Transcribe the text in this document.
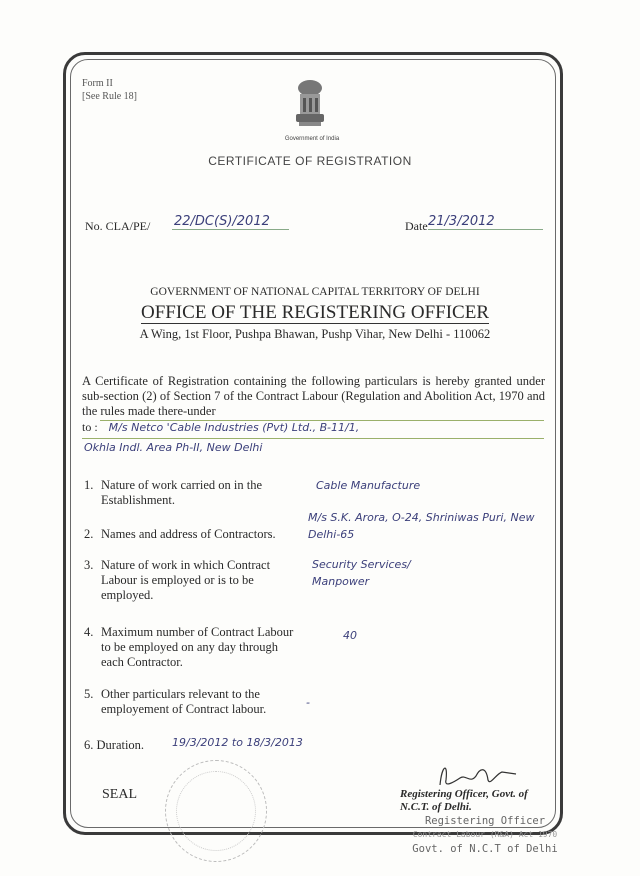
Form II
[See Rule 18]
Government of India
CERTIFICATE OF REGISTRATION
No. CLA/PE/ 22/DC(S)/2012	Date 21/3/2012
GOVERNMENT OF NATIONAL CAPITAL TERRITORY OF DELHI
OFFICE OF THE REGISTERING OFFICER
A Wing, 1st Floor, Pushpa Bhawan, Pushp Vihar, New Delhi - 110062
A Certificate of Registration containing the following particulars is hereby granted under sub-section (2) of Section 7 of the Contract Labour (Regulation and Abolition Act, 1970 and the rules made there-under
to : M/s Netco 'Cable Industries (Pvt) Ltd., B-11/1,
Okhla Indl. Area Ph-II, New Delhi
1. Nature of work carried on in the Establishment.
Cable Manufacture
2. Names and address of Contractors.
M/s S.K. Arora, O-24, Shriniwas Puri, New Delhi-65
3. Nature of work in which Contract Labour is employed or is to be employed.
Security Services/ Manpower
4. Maximum number of Contract Labour to be employed on any day through each Contractor.
40
5. Other particulars relevant to the employement of Contract labour.	-
6. Duration.	19/3/2012 to 18/3/2013
SEAL	Registering Officer, Govt. of
N.C.T. of Delhi.
Registering Officer
Contract Labour (R&A) Act 1970
Govt. of N.C.T of Delhi
